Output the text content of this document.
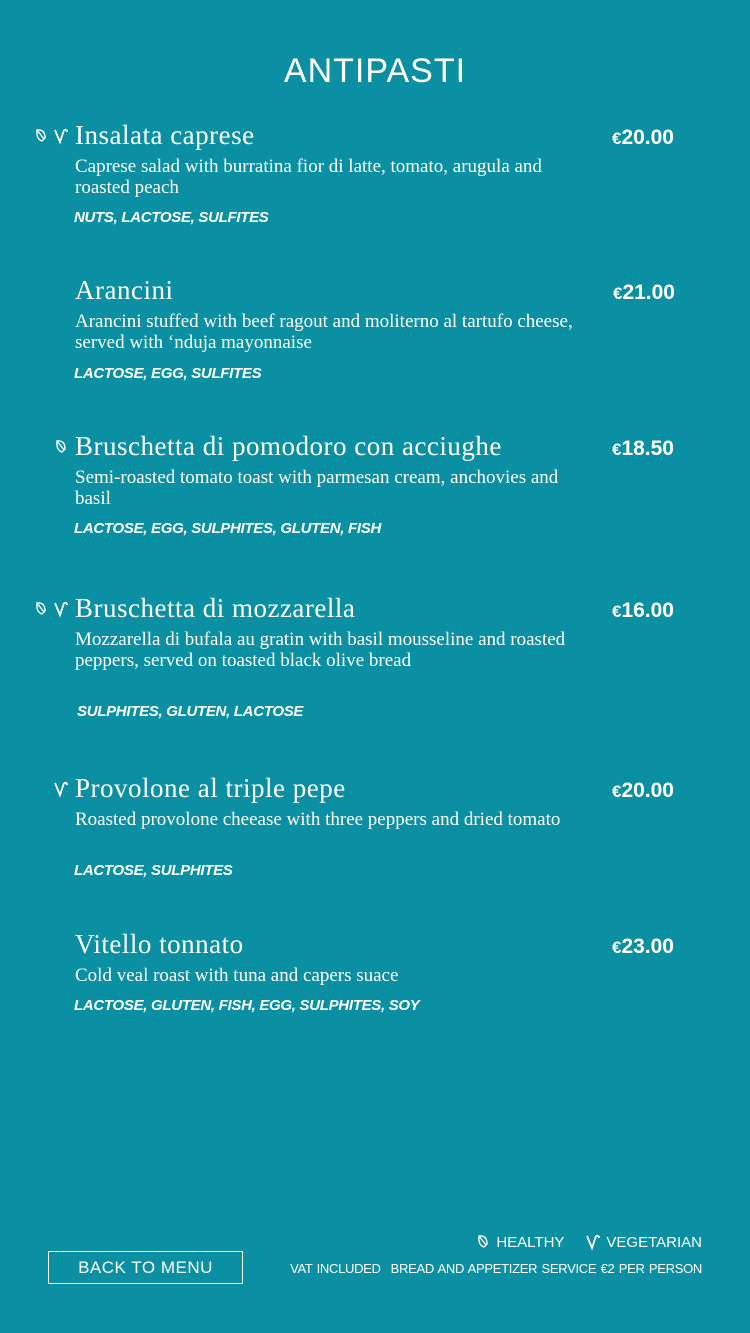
ANTIPASTI
Insalata caprese	€20.00
Caprese salad with burratina fior di latte, tomato, arugula and roasted peach
NUTS, LACTOSE, SULFITES
Arancini	€21.00
Arancini stuffed with beef ragout and moliterno al tartufo cheese, served with ‘nduja mayonnaise
LACTOSE, EGG, SULFITES
Bruschetta di pomodoro con acciughe	€18.50
Semi-roasted tomato toast with parmesan cream, anchovies and basil
LACTOSE, EGG, SULPHITES, GLUTEN, FISH
Bruschetta di mozzarella	€16.00
Mozzarella di bufala au gratin with basil mousseline and roasted peppers, served on toasted black olive bread
SULPHITES, GLUTEN, LACTOSE
Provolone al triple pepe	€20.00
Roasted provolone cheease with three peppers and dried tomato
LACTOSE, SULPHITES
Vitello tonnato	€23.00
Cold veal roast with tuna and capers suace
LACTOSE, GLUTEN, FISH, EGG, SULPHITES, SOY
HEALTHY	VEGETARIAN
VAT INCLUDED BREAD AND APPETIZER SERVICE €2 PER PERSON
BACK TO MENU
